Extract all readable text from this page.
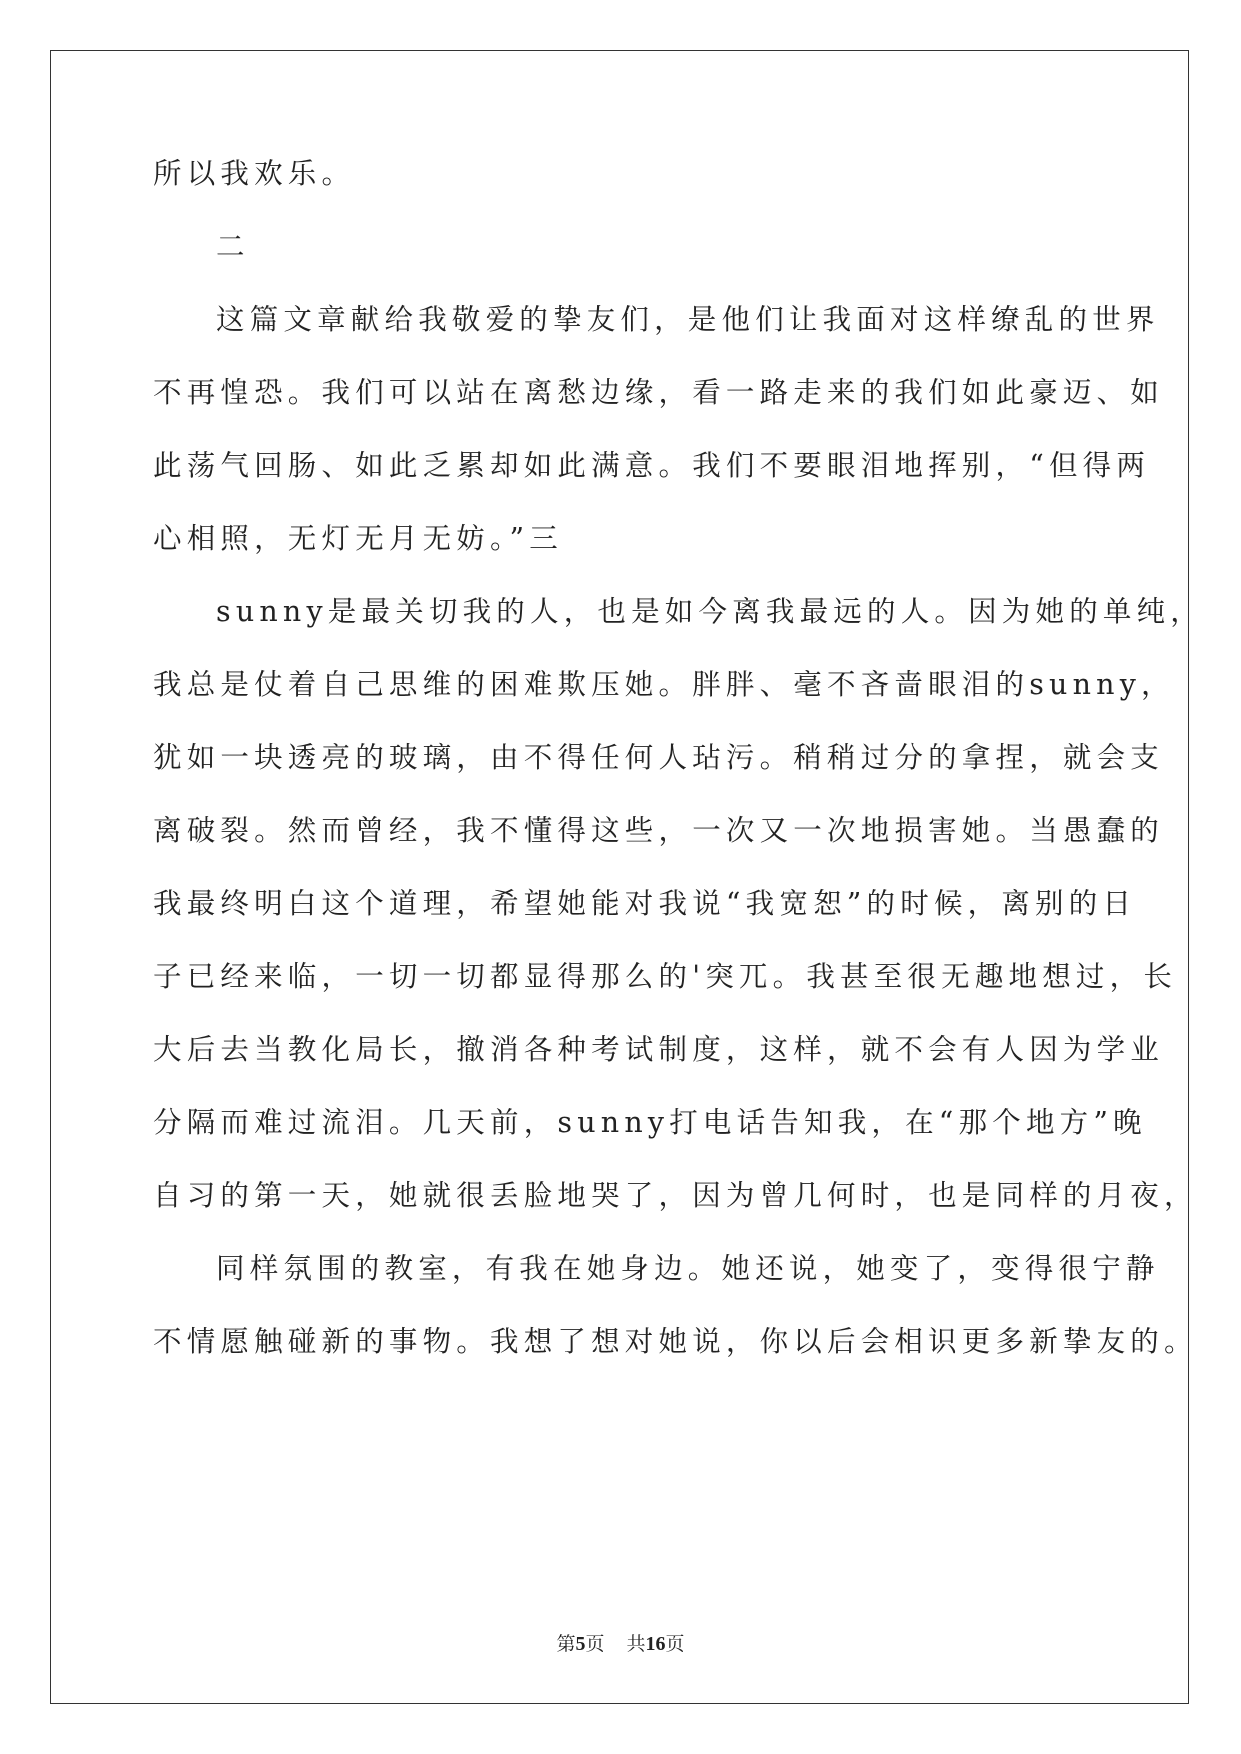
所以我欢乐。
二
这篇文章献给我敬爱的挚友们，是他们让我面对这样缭乱的世界
不再惶恐。我们可以站在离愁边缘，看一路走来的我们如此豪迈、如
此荡气回肠、如此乏累却如此满意。我们不要眼泪地挥别，“但得两
心相照，无灯无月无妨。”三
sunny是最关切我的人，也是如今离我最远的人。因为她的单纯，
我总是仗着自己思维的困难欺压她。胖胖、毫不吝啬眼泪的sunny，
犹如一块透亮的玻璃，由不得任何人玷污。稍稍过分的拿捏，就会支
离破裂。然而曾经，我不懂得这些，一次又一次地损害她。当愚蠢的
我最终明白这个道理，希望她能对我说“我宽恕”的时候，离别的日
子已经来临，一切一切都显得那么的'突兀。我甚至很无趣地想过，长
大后去当教化局长，撤消各种考试制度，这样，就不会有人因为学业
分隔而难过流泪。几天前，sunny打电话告知我，在“那个地方”晚
自习的第一天，她就很丢脸地哭了，因为曾几何时，也是同样的月夜，
同样氛围的教室，有我在她身边。她还说，她变了，变得很宁静
不情愿触碰新的事物。我想了想对她说，你以后会相识更多新挚友的。
第5页 共16页
